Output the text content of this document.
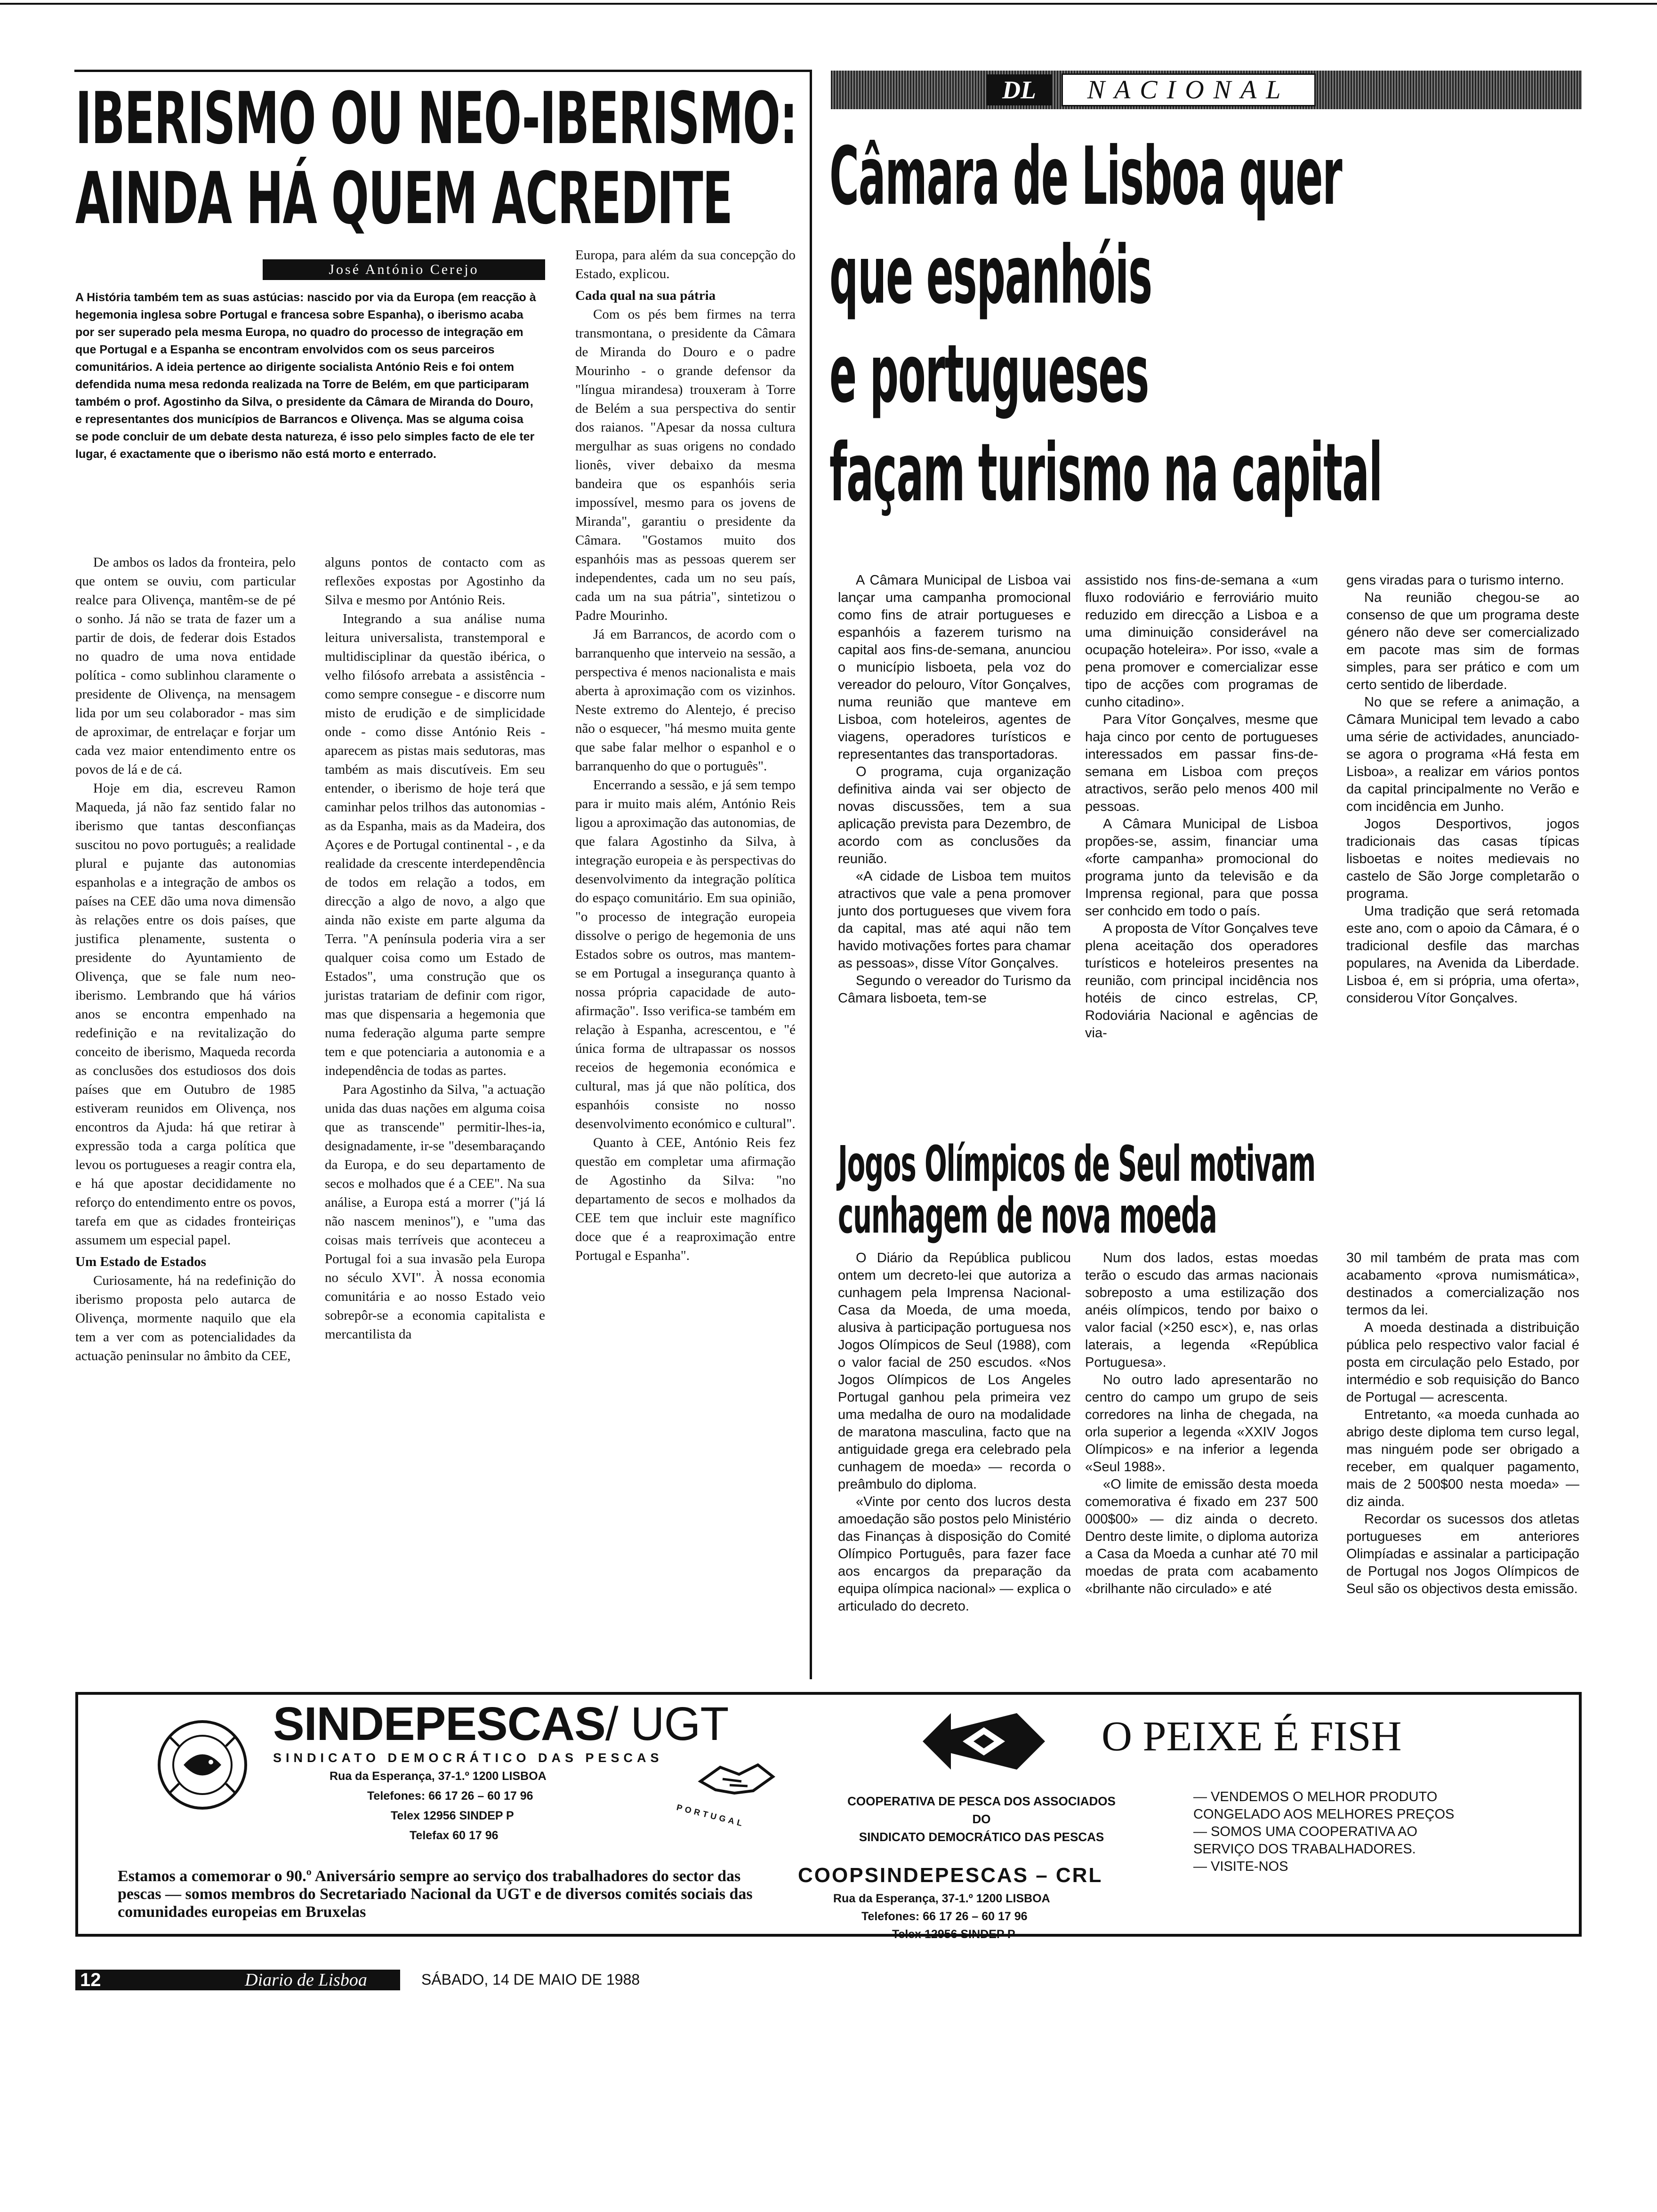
IBERISMO OU NEO-IBERISMO:
AINDA HÁ QUEM ACREDITE
José António Cerejo

A História também tem as suas astúcias: nascido por via da Europa (em reacção à hegemonia inglesa sobre Portugal e francesa sobre Espanha), o iberismo acaba por ser superado pela mesma Europa, no quadro do processo de integração em que Portugal e a Espanha se encontram envolvidos com os seus parceiros comunitários. A ideia pertence ao dirigente socialista António Reis e foi ontem defendida numa mesa redonda realizada na Torre de Belém, em que participaram também o prof. Agostinho da Silva, o presidente da Câmara de Miranda do Douro, e representantes dos municípios de Barrancos e Olivença. Mas se alguma coisa se pode concluir de um debate desta natureza, é isso pelo simples facto de ele ter lugar, é exactamente que o iberismo não está morto e enterrado.

De ambos os lados da fronteira, pelo que ontem se ouviu, com particular realce para Olivença, mantêm-se de pé o sonho. Já não se trata de fazer um a partir de dois, de federar dois Estados no quadro de uma nova entidade política - como sublinhou claramente o presidente de Olivença, na mensagem lida por um seu colaborador - mas sim de aproximar, de entrelaçar e forjar um cada vez maior entendimento entre os povos de lá e de cá.

Hoje em dia, escreveu Ramon Maqueda, já não faz sentido falar no iberismo que tantas desconfianças suscitou no povo português; a realidade plural e pujante das autonomias espanholas e a integração de ambos os países na CEE dão uma nova dimensão às relações entre os dois países, que justifica plenamente, sustenta o presidente do Ayuntamiento de Olivença, que se fale num neo-iberismo. Lembrando que há vários anos se encontra empenhado na redefinição e na revitalização do conceito de iberismo, Maqueda recorda as conclusões dos estudiosos dos dois países que em Outubro de 1985 estiveram reunidos em Olivença, nos encontros da Ajuda: há que retirar à expressão toda a carga política que levou os portugueses a reagir contra ela, e há que apostar decididamente no reforço do entendimento entre os povos, tarefa em que as cidades fronteiriças assumem um especial papel.

Um Estado de Estados

Curiosamente, há na redefinição do iberismo proposta pelo autarca de Olivença, mormente naquilo que ela tem a ver com as potencialidades da actuação peninsular no âmbito da CEE,

alguns pontos de contacto com as reflexões expostas por Agostinho da Silva e mesmo por António Reis.

Integrando a sua análise numa leitura universalista, transtemporal e multidisciplinar da questão ibérica, o velho filósofo arrebata a assistência - como sempre consegue - e discorre num misto de erudição e de simplicidade onde - como disse António Reis - aparecem as pistas mais sedutoras, mas também as mais discutíveis. Em seu entender, o iberismo de hoje terá que caminhar pelos trilhos das autonomias - as da Espanha, mais as da Madeira, dos Açores e de Portugal continental - , e da realidade da crescente interdependência de todos em relação a todos, em direcção a algo de novo, a algo que ainda não existe em parte alguma da Terra. "A península poderia vira a ser qualquer coisa como um Estado de Estados", uma construção que os juristas tratariam de definir com rigor, mas que dispensaria a hegemonia que numa federação alguma parte sempre tem e que potenciaria a autonomia e a independência de todas as partes.

Para Agostinho da Silva, "a actuação unida das duas nações em alguma coisa que as transcende" permitir-lhes-ia, designadamente, ir-se "desembaraçando da Europa, e do seu departamento de secos e molhados que é a CEE". Na sua análise, a Europa está a morrer ("já lá não nascem meninos"), e "uma das coisas mais terríveis que aconteceu a Portugal foi a sua invasão pela Europa no século XVI". À nossa economia comunitária e ao nosso Estado veio sobrepôr-se a economia capitalista e mercantilista da

Europa, para além da sua concepção do Estado, explicou.

Cada qual na sua pátria

Com os pés bem firmes na terra transmontana, o presidente da Câmara de Miranda do Douro e o padre Mourinho - o grande defensor da "língua mirandesa) trouxeram à Torre de Belém a sua perspectiva do sentir dos raianos. "Apesar da nossa cultura mergulhar as suas origens no condado lionês, viver debaixo da mesma bandeira que os espanhóis seria impossível, mesmo para os jovens de Miranda", garantiu o presidente da Câmara. "Gostamos muito dos espanhóis mas as pessoas querem ser independentes, cada um no seu país, cada um na sua pátria", sintetizou o Padre Mourinho.

Já em Barrancos, de acordo com o barranquenho que interveio na sessão, a perspectiva é menos nacionalista e mais aberta à aproximação com os vizinhos. Neste extremo do Alentejo, é preciso não o esquecer, "há mesmo muita gente que sabe falar melhor o espanhol e o barranquenho do que o português".

Encerrando a sessão, e já sem tempo para ir muito mais além, António Reis ligou a aproximação das autonomias, de que falara Agostinho da Silva, à integração europeia e às perspectivas do desenvolvimento da integração política do espaço comunitário. Em sua opinião, "o processo de integração europeia dissolve o perigo de hegemonia de uns Estados sobre os outros, mas mantem-se em Portugal a insegurança quanto à nossa própria capacidade de auto-afirmação". Isso verifica-se também em relação à Espanha, acrescentou, e "é única forma de ultrapassar os nossos receios de hegemonia económica e cultural, mas já que não política, dos espanhóis consiste no nosso desenvolvimento económico e cultural".

Quanto à CEE, António Reis fez questão em completar uma afirmação de Agostinho da Silva: "no departamento de secos e molhados da CEE tem que incluir este magnífico doce que é a reaproximação entre Portugal e Espanha".

DL	NACIONAL
Câmara de Lisboa quer
que espanhóis
e portugueses
façam turismo na capital

A Câmara Municipal de Lisboa vai lançar uma campanha promocional como fins de atrair portugueses e espanhóis a fazerem turismo na capital aos fins-de-semana, anunciou o município lisboeta, pela voz do vereador do pelouro, Vítor Gonçalves, numa reunião que manteve em Lisboa, com hoteleiros, agentes de viagens, operadores turísticos e representantes das transportadoras.

O programa, cuja organização definitiva ainda vai ser objecto de novas discussões, tem a sua aplicação prevista para Dezembro, de acordo com as conclusões da reunião.

«A cidade de Lisboa tem muitos atractivos que vale a pena promover junto dos portugueses que vivem fora da capital, mas até aqui não tem havido motivações fortes para chamar as pessoas», disse Vítor Gonçalves.

Segundo o vereador do Turismo da Câmara lisboeta, tem-se

assistido nos fins-de-semana a «um fluxo rodoviário e ferroviário muito reduzido em direcção a Lisboa e a uma diminuição considerável na ocupação hoteleira». Por isso, «vale a pena promover e comercializar esse tipo de acções com programas de cunho citadino».

Para Vítor Gonçalves, mesme que haja cinco por cento de portugueses interessados em passar fins-de-semana em Lisboa com preços atractivos, serão pelo menos 400 mil pessoas.

A Câmara Municipal de Lisboa propões-se, assim, financiar uma «forte campanha» promocional do programa junto da televisão e da Imprensa regional, para que possa ser conhcido em todo o país.

A proposta de Vítor Gonçalves teve plena aceitação dos operadores turísticos e hoteleiros presentes na reunião, com principal incidência nos hotéis de cinco estrelas, CP, Rodoviária Nacional e agências de via-

gens viradas para o turismo interno.

Na reunião chegou-se ao consenso de que um programa deste género não deve ser comercializado em pacote mas sim de formas simples, para ser prático e com um certo sentido de liberdade.

No que se refere a animação, a Câmara Municipal tem levado a cabo uma série de actividades, anunciado-se agora o programa «Há festa em Lisboa», a realizar em vários pontos da capital principalmente no Verão e com incidência em Junho.

Jogos Desportivos, jogos tradicionais das casas típicas lisboetas e noites medievais no castelo de São Jorge completarão o programa.

Uma tradição que será retomada este ano, com o apoio da Câmara, é o tradicional desfile das marchas populares, na Avenida da Liberdade. Lisboa é, em si própria, uma oferta», considerou Vítor Gonçalves.

Jogos Olímpicos de Seul motivam
cunhagem de nova moeda

O Diário da República publicou ontem um decreto-lei que autoriza a cunhagem pela Imprensa Nacional-Casa da Moeda, de uma moeda, alusiva à participação portuguesa nos Jogos Olímpicos de Seul (1988), com o valor facial de 250 escudos. «Nos Jogos Olímpicos de Los Angeles Portugal ganhou pela primeira vez uma medalha de ouro na modalidade de maratona masculina, facto que na antiguidade grega era celebrado pela cunhagem de moeda» — recorda o preâmbulo do diploma.

«Vinte por cento dos lucros desta amoedação são postos pelo Ministério das Finanças à disposição do Comité Olímpico Português, para fazer face aos encargos da preparação da equipa olímpica nacional» — explica o articulado do decreto.

Num dos lados, estas moedas terão o escudo das armas nacionais sobreposto a uma estilização dos anéis olímpicos, tendo por baixo o valor facial (×250 esc×), e, nas orlas laterais, a legenda «República Portuguesa».

No outro lado apresentarão no centro do campo um grupo de seis corredores na linha de chegada, na orla superior a legenda «XXIV Jogos Olímpicos» e na inferior a legenda «Seul 1988».

«O limite de emissão desta moeda comemorativa é fixado em 237 500 000$00» — diz ainda o decreto. Dentro deste limite, o diploma autoriza a Casa da Moeda a cunhar até 70 mil moedas de prata com acabamento «brilhante não circulado» e até

30 mil também de prata mas com acabamento «prova numismática», destinados a comercialização nos termos da lei.

A moeda destinada a distribuição pública pelo respectivo valor facial é posta em circulação pelo Estado, por intermédio e sob requisição do Banco de Portugal — acrescenta.

Entretanto, «a moeda cunhada ao abrigo deste diploma tem curso legal, mas ninguém pode ser obrigado a receber, em qualquer pagamento, mais de 2 500$00 nesta moeda» — diz ainda.

Recordar os sucessos dos atletas portugueses em anteriores Olimpíadas e assinalar a participação de Portugal nos Jogos Olímpicos de Seul são os objectivos desta emissão.

SINDEPESCAS/ UGT
SINDICATO DEMOCRÁTICO DAS PESCAS
Rua da Esperança, 37-1.º 1200 LISBOA
Telefones: 66 17 26 – 60 17 96
Telex 12956 SINDEP P
Telefax 60 17 96
PORTUGAL
Estamos a comemorar o 90.º Aniversário sempre ao serviço dos trabalhadores do sector das pescas — somos membros do Secretariado Nacional da UGT e de diversos comités sociais das comunidades europeias em Bruxelas
O PEIXE É FISH
COOPERATIVA DE PESCA DOS ASSOCIADOS
DO
SINDICATO DEMOCRÁTICO DAS PESCAS
COOPSINDEPESCAS – CRL
Rua da Esperança, 37-1.º 1200 LISBOA
Telefones: 66 17 26 – 60 17 96
Telex 12956 SINDEP P
— VENDEMOS O MELHOR PRODUTO CONGELADO AOS MELHORES PREÇOS
— SOMOS UMA COOPERATIVA AO SERVIÇO DOS TRABALHADORES.
— VISITE-NOS
12	Diario de Lisboa	SÁBADO, 14 DE MAIO DE 1988
